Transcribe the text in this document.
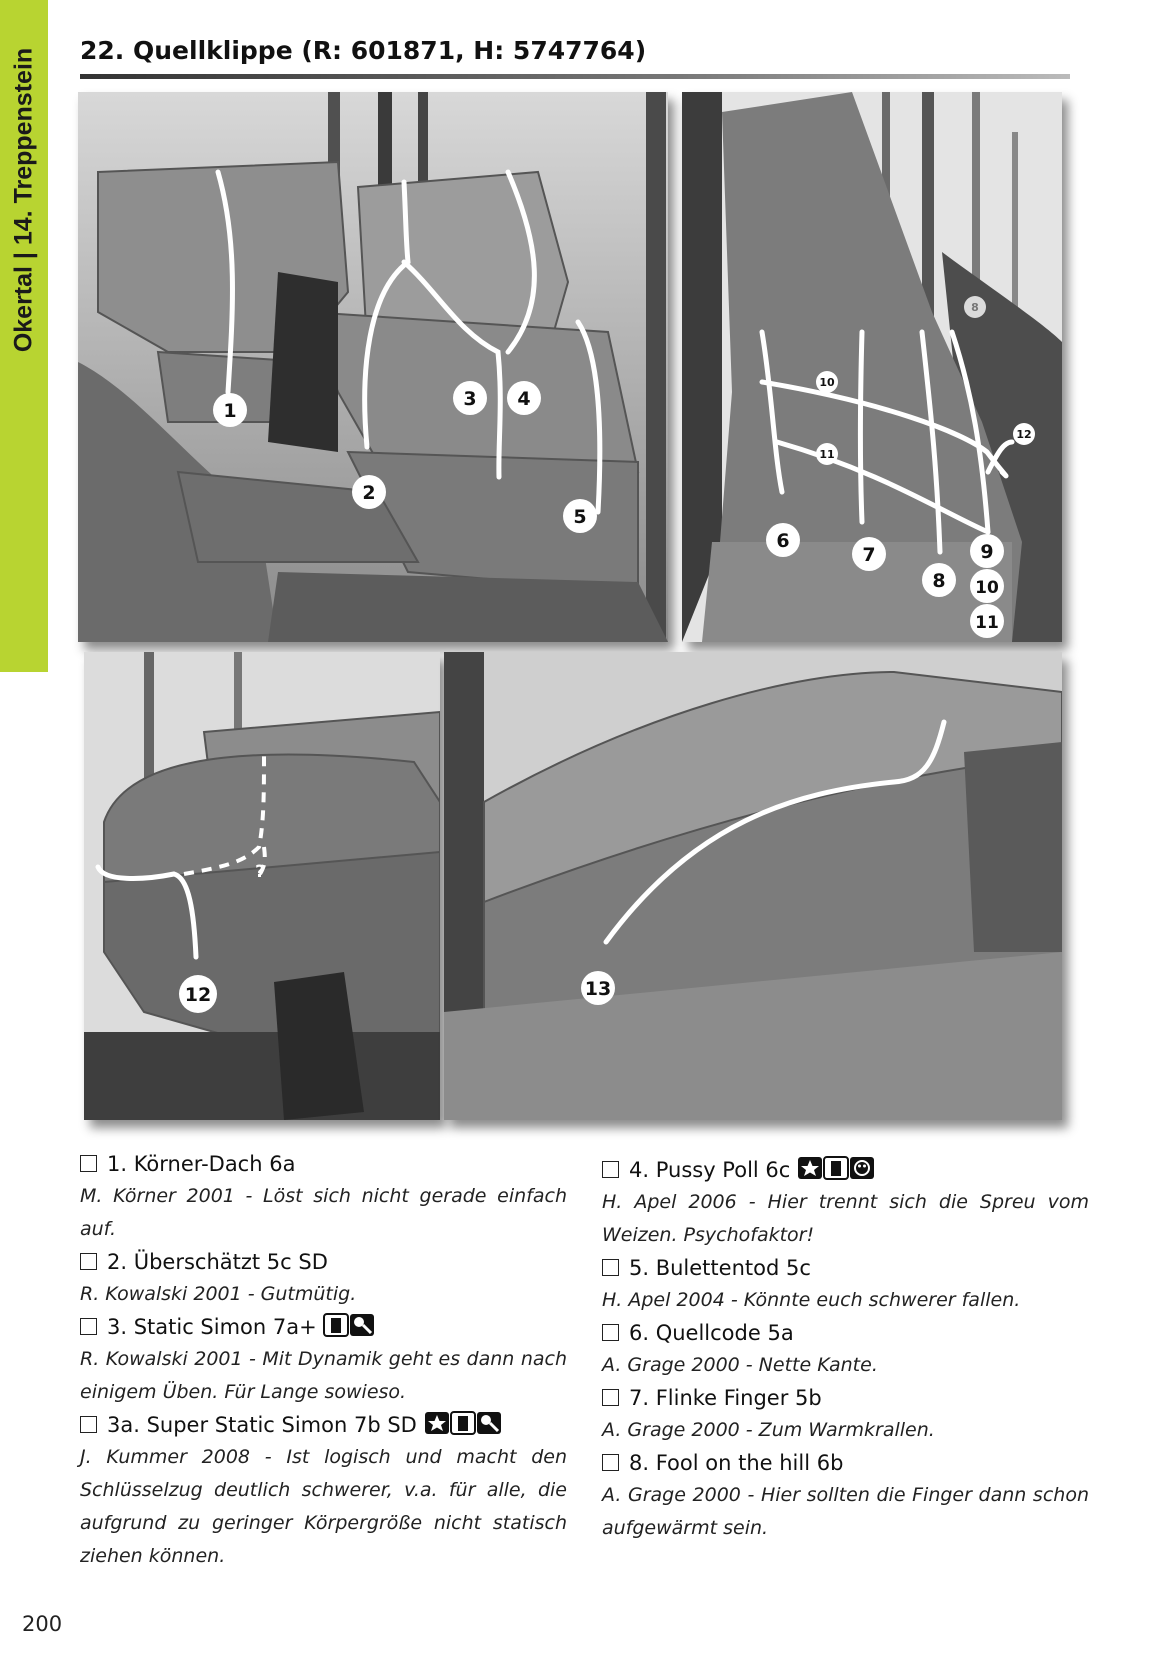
Okertal | 14. Treppenstein 22. Quellklippe (R: 601871, H: 5747764)
1
2
3 4
5
6
7
8
9
10
11
10
11
12
8
12
?
13
1. Körner-Dach 6a
M. Körner 2001 - Löst sich nicht gerade einfach auf.
2. Überschätzt 5c SD
R. Kowalski 2001 - Gutmütig.
3. Static Simon 7a+
R. Kowalski 2001 - Mit Dynamik geht es dann nach einigem Üben. Für Lange sowieso.
3a. Super Static Simon 7b SD
J. Kummer 2008 - Ist logisch und macht den Schlüsselzug deutlich schwerer, v.a. für alle, die aufgrund zu geringer Körpergröße nicht statisch ziehen können.
4. Pussy Poll 6c
H. Apel 2006 - Hier trennt sich die Spreu vom Weizen. Psychofaktor!
5. Bulettentod 5c
H. Apel 2004 - Könnte euch schwerer fallen.
6. Quellcode 5a
A. Grage 2000 - Nette Kante.
7. Flinke Finger 5b
A. Grage 2000 - Zum Warmkrallen.
8. Fool on the hill 6b
A. Grage 2000 - Hier sollten die Finger dann schon aufgewärmt sein.
200
